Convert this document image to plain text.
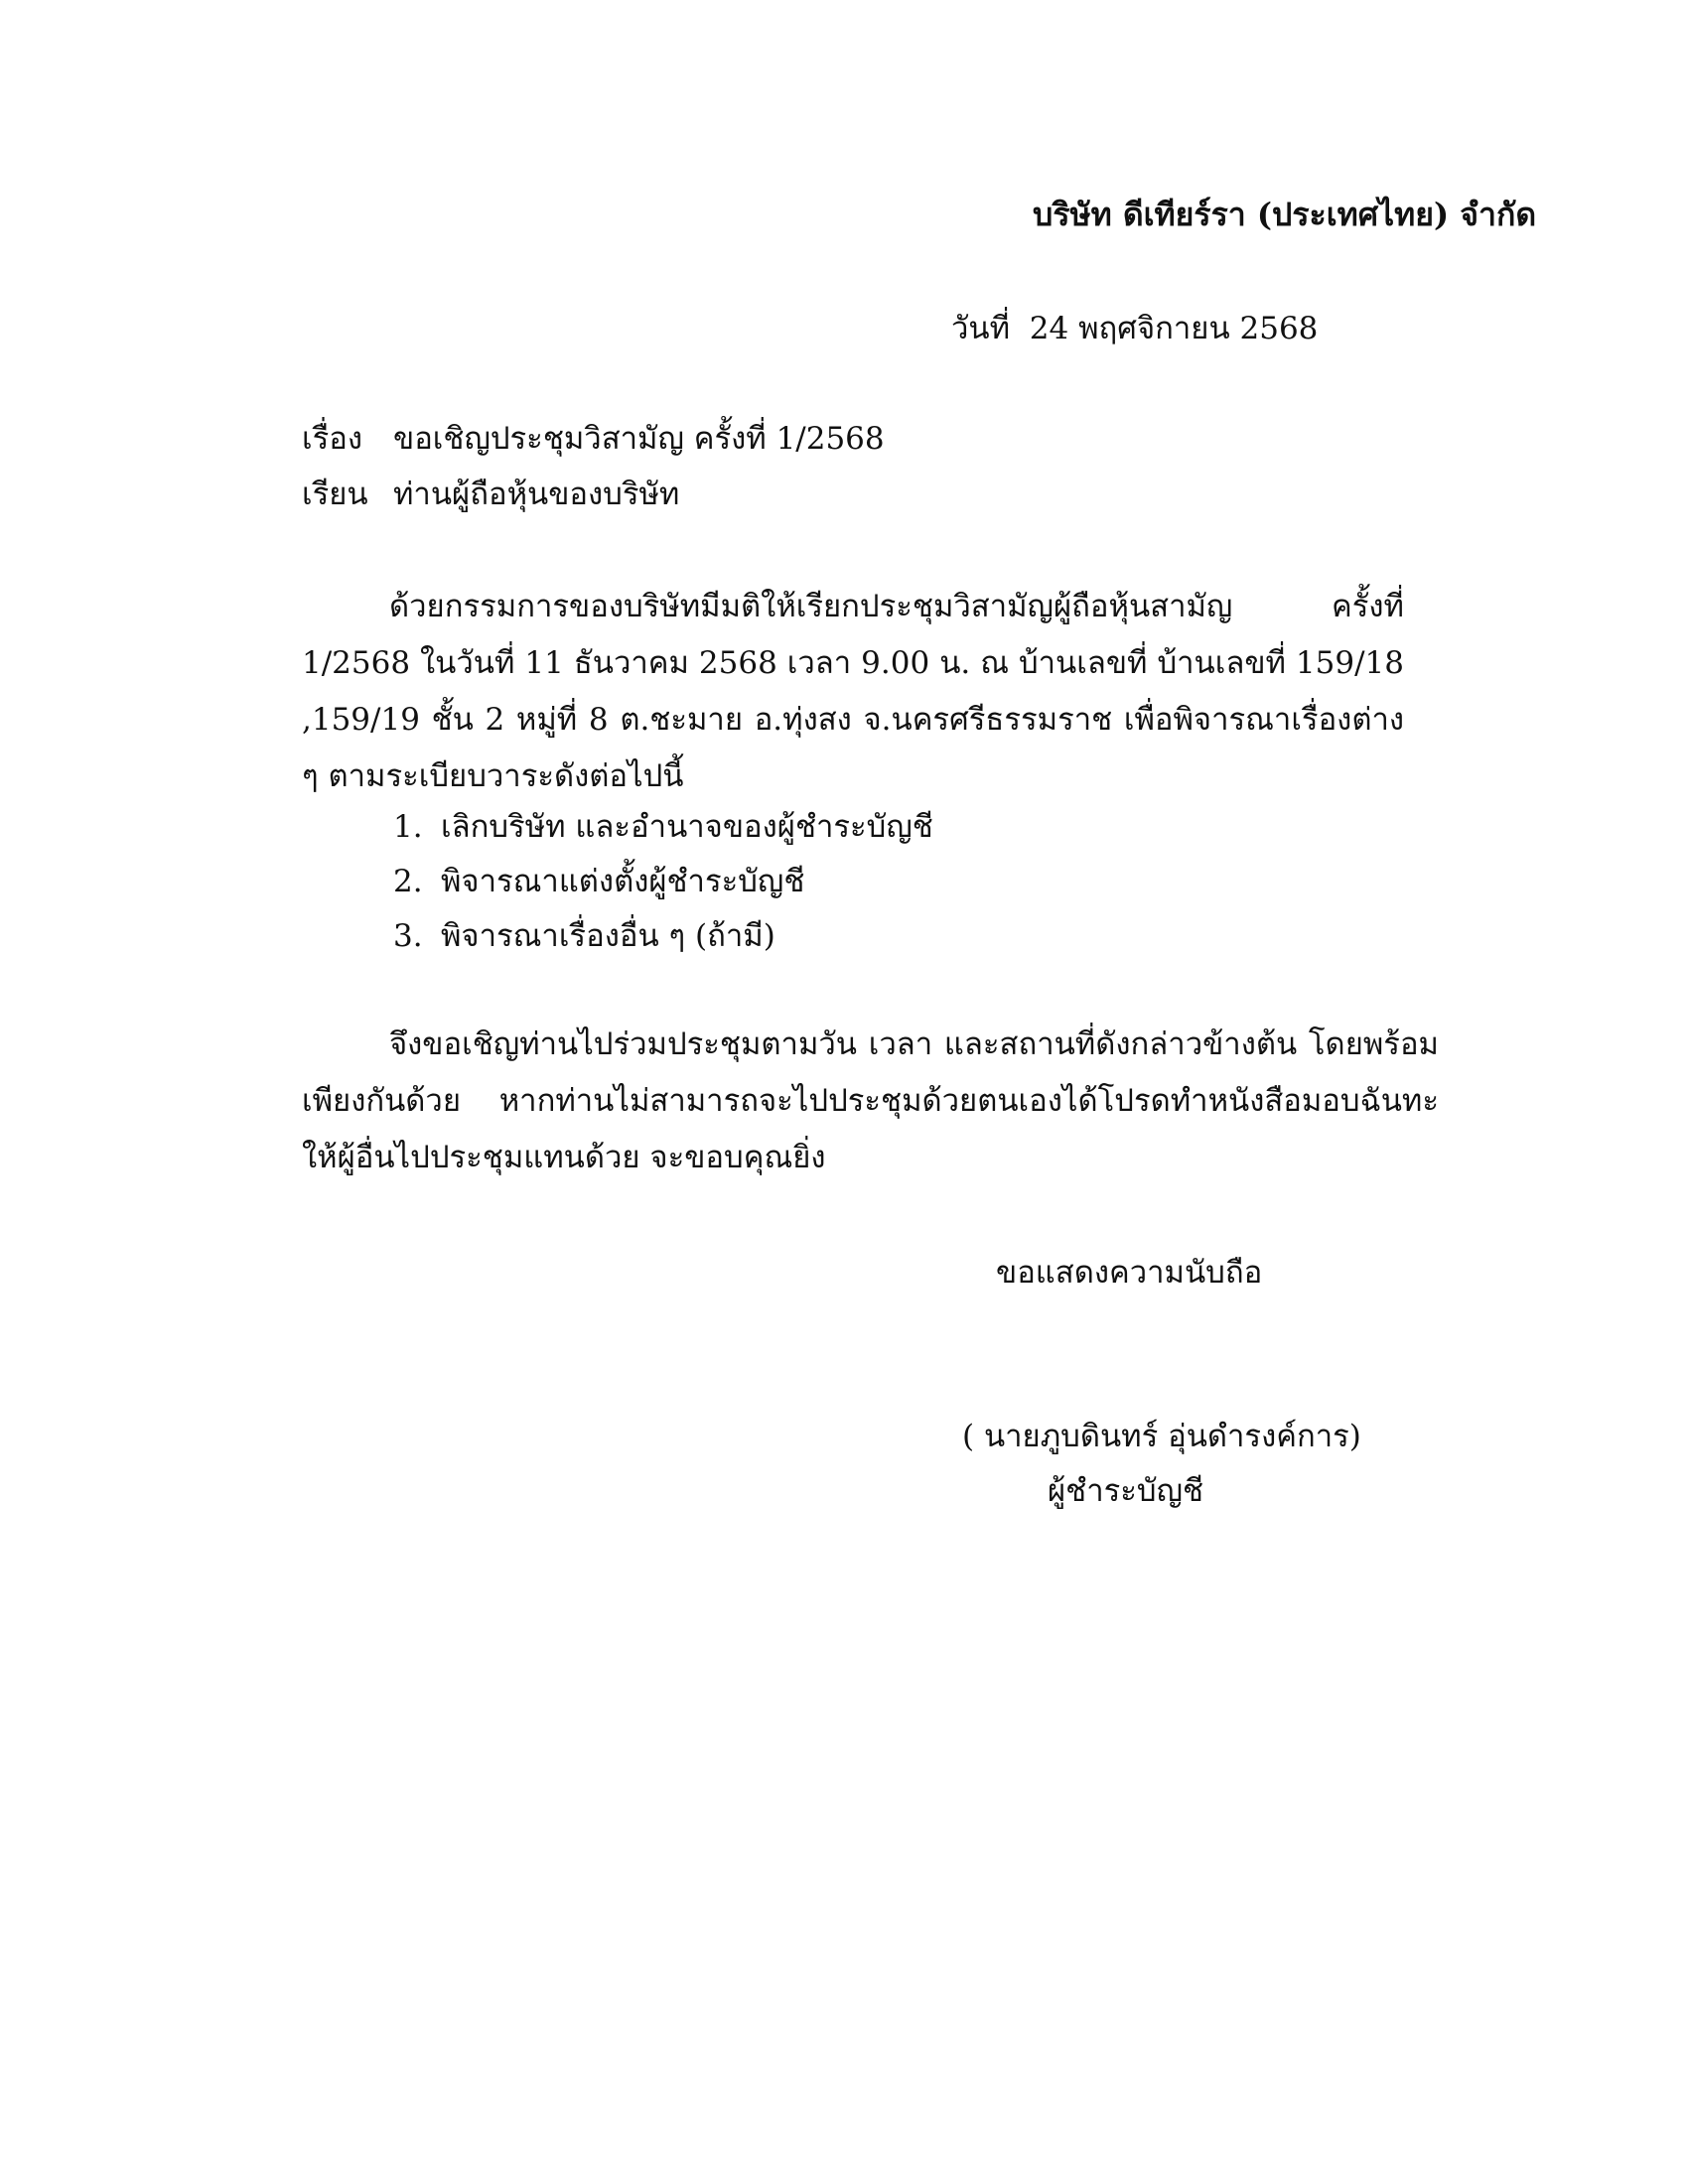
บริษัท ดีเทียร์รา (ประเทศไทย) จำกัด
วันที่ 24 พฤศจิกายน 2568
เรื่อง ขอเชิญประชุมวิสามัญ ครั้งที่ 1/2568
เรียน ท่านผู้ถือหุ้นของบริษัท
ด้วยกรรมการของบริษัทมีมติให้เรียกประชุมวิสามัญผู้ถือหุ้นสามัญ ครั้งที่ 1/2568 ในวันที่ 11 ธันวาคม 2568 เวลา 9.00 น. ณ บ้านเลขที่ บ้านเลขที่ 159/18 ,159/19 ชั้น 2 หมู่ที่ 8 ต.ชะมาย อ.ทุ่งสง จ.นครศรีธรรมราช เพื่อพิจารณาเรื่องต่าง ๆ ตามระเบียบวาระดังต่อไปนี้
1. เลิกบริษัท และอำนาจของผู้ชำระบัญชี
2. พิจารณาแต่งตั้งผู้ชำระบัญชี
3. พิจารณาเรื่องอื่น ๆ (ถ้ามี)
จึงขอเชิญท่านไปร่วมประชุมตามวัน เวลา และสถานที่ดังกล่าวข้างต้น โดยพร้อมเพียงกันด้วย หากท่านไม่สามารถจะไปประชุมด้วยตนเองได้โปรดทำหนังสือมอบฉันทะให้ผู้อื่นไปประชุมแทนด้วย จะขอบคุณยิ่ง
ขอแสดงความนับถือ
( นายภูบดินทร์ อุ่นดำรงค์การ)
ผู้ชำระบัญชี
